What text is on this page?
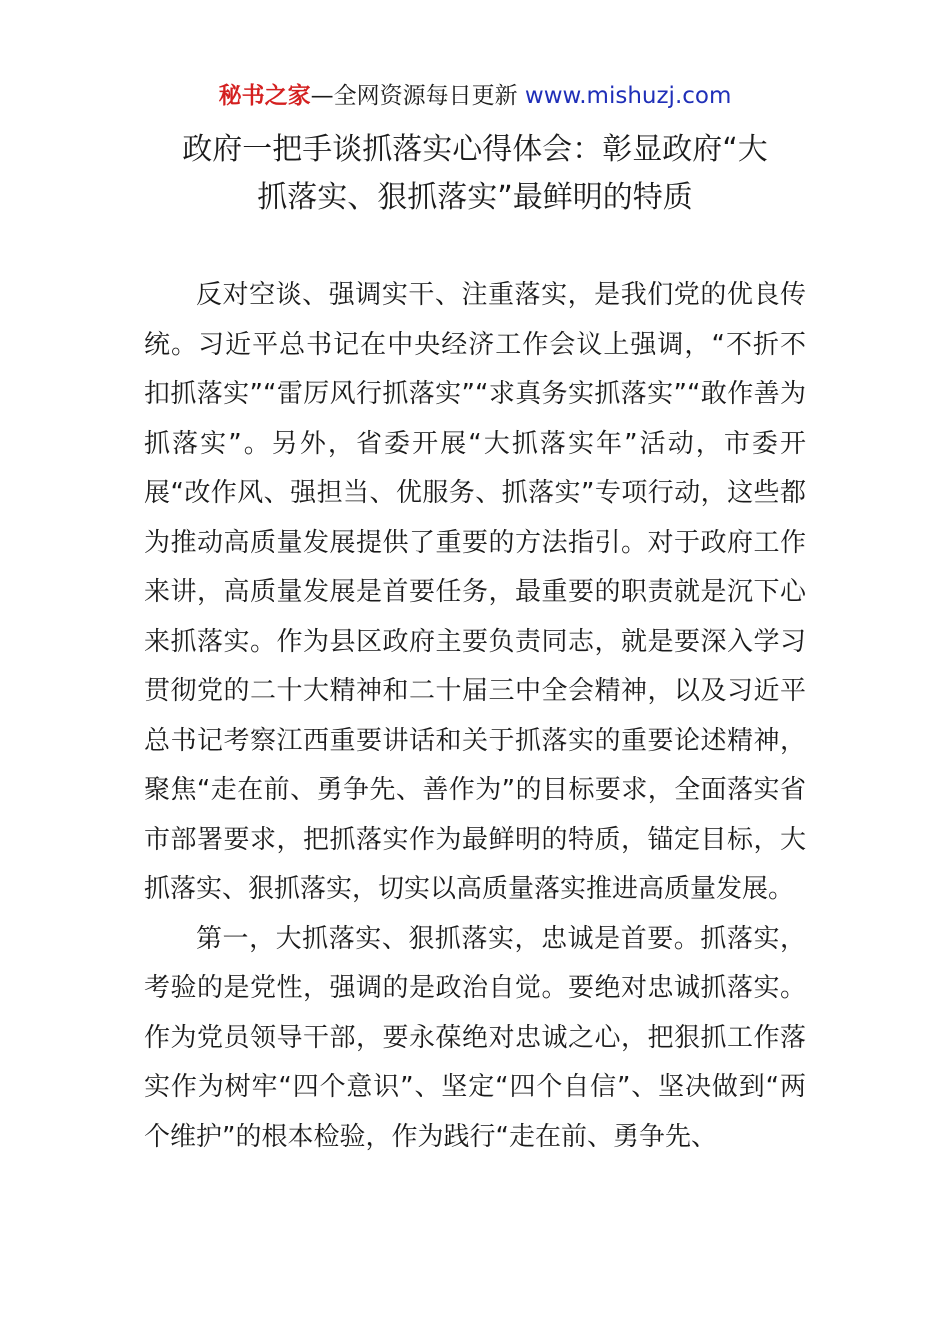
秘书之家—全网资源每日更新 www.mishuzj.com
政府一把手谈抓落实心得体会：彰显政府“大
抓落实、狠抓落实”最鲜明的特质

反对空谈、强调实干、注重落实，是我们党的优良传统。习近平总书记在中央经济工作会议上强调，“不折不扣抓落实”“雷厉风行抓落实”“求真务实抓落实”“敢作善为抓落实”。另外，省委开展“大抓落实年”活动，市委开展“改作风、强担当、优服务、抓落实”专项行动，这些都为推动高质量发展提供了重要的方法指引。对于政府工作来讲，高质量发展是首要任务，最重要的职责就是沉下心来抓落实。作为县区政府主要负责同志，就是要深入学习贯彻党的二十大精神和二十届三中全会精神，以及习近平总书记考察江西重要讲话和关于抓落实的重要论述精神，聚焦“走在前、勇争先、善作为”的目标要求，全面落实省市部署要求，把抓落实作为最鲜明的特质，锚定目标，大抓落实、狠抓落实，切实以高质量落实推进高质量发展。

第一，大抓落实、狠抓落实，忠诚是首要。抓落实，考验的是党性，强调的是政治自觉。要绝对忠诚抓落实。作为党员领导干部，要永葆绝对忠诚之心，把狠抓工作落实作为树牢“四个意识”、坚定“四个自信”、坚决做到“两个维护”的根本检验，作为践行“走在前、勇争先、
